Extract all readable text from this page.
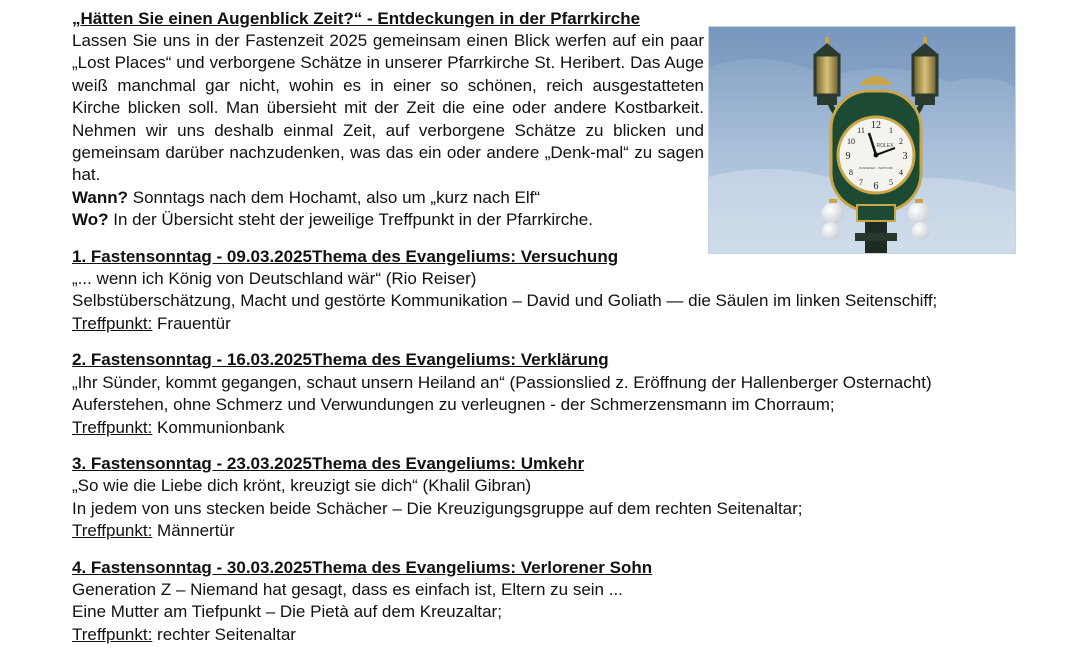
„Hätten Sie einen Augenblick Zeit?“ - Entdeckungen in der Pfarrkirche

Lassen Sie uns in der Fastenzeit 2025 gemeinsam einen Blick werfen auf ein paar „Lost Places“ und verborgene Schätze in unserer Pfarrkirche St. Heribert. Das Auge weiß manchmal gar nicht, wohin es in einer so schönen, reich ausgestatteten Kirche blicken soll. Man übersieht mit der Zeit die eine oder andere Kostbarkeit. Nehmen wir uns deshalb einmal Zeit, auf verborgene Schätze zu blicken und gemeinsam darüber nachzudenken, was das ein oder andere „Denk-mal“ zu sagen hat.

Wann? Sonntags nach dem Hochamt, also um „kurz nach Elf“

Wo? In der Übersicht steht der jeweilige Treffpunkt in der Pfarrkirche.

1. Fastensonntag - 09.03.2025Thema des Evangeliums: Versuchung

„... wenn ich König von Deutschland wär“ (Rio Reiser)

Selbstüberschätzung, Macht und gestörte Kommunikation – David und Goliath — die Säulen im linken Seitenschiff;

Treffpunkt: Frauentür

2. Fastensonntag - 16.03.2025Thema des Evangeliums: Verklärung

„Ihr Sünder, kommt gegangen, schaut unsern Heiland an“ (Passionslied z. Eröffnung der Hallenberger Osternacht)

Auferstehen, ohne Schmerz und Verwundungen zu verleugnen - der Schmerzensmann im Chorraum;

Treffpunkt: Kommunionbank

3. Fastensonntag - 23.03.2025Thema des Evangeliums: Umkehr

„So wie die Liebe dich krönt, kreuzigt sie dich“ (Khalil Gibran)

In jedem von uns stecken beide Schächer – Die Kreuzigungsgruppe auf dem rechten Seitenaltar;

Treffpunkt: Männertür

4. Fastensonntag - 30.03.2025Thema des Evangeliums: Verlorener Sohn

Generation Z – Niemand hat gesagt, dass es einfach ist, Eltern zu sein ...

Eine Mutter am Tiefpunkt – Die Pietà auf dem Kreuzaltar;

Treffpunkt: rechter Seitenaltar

12
3
6
9
1
2
4
5
7
8
10
11
ROLEX
BUNDESEN · WATFORD
